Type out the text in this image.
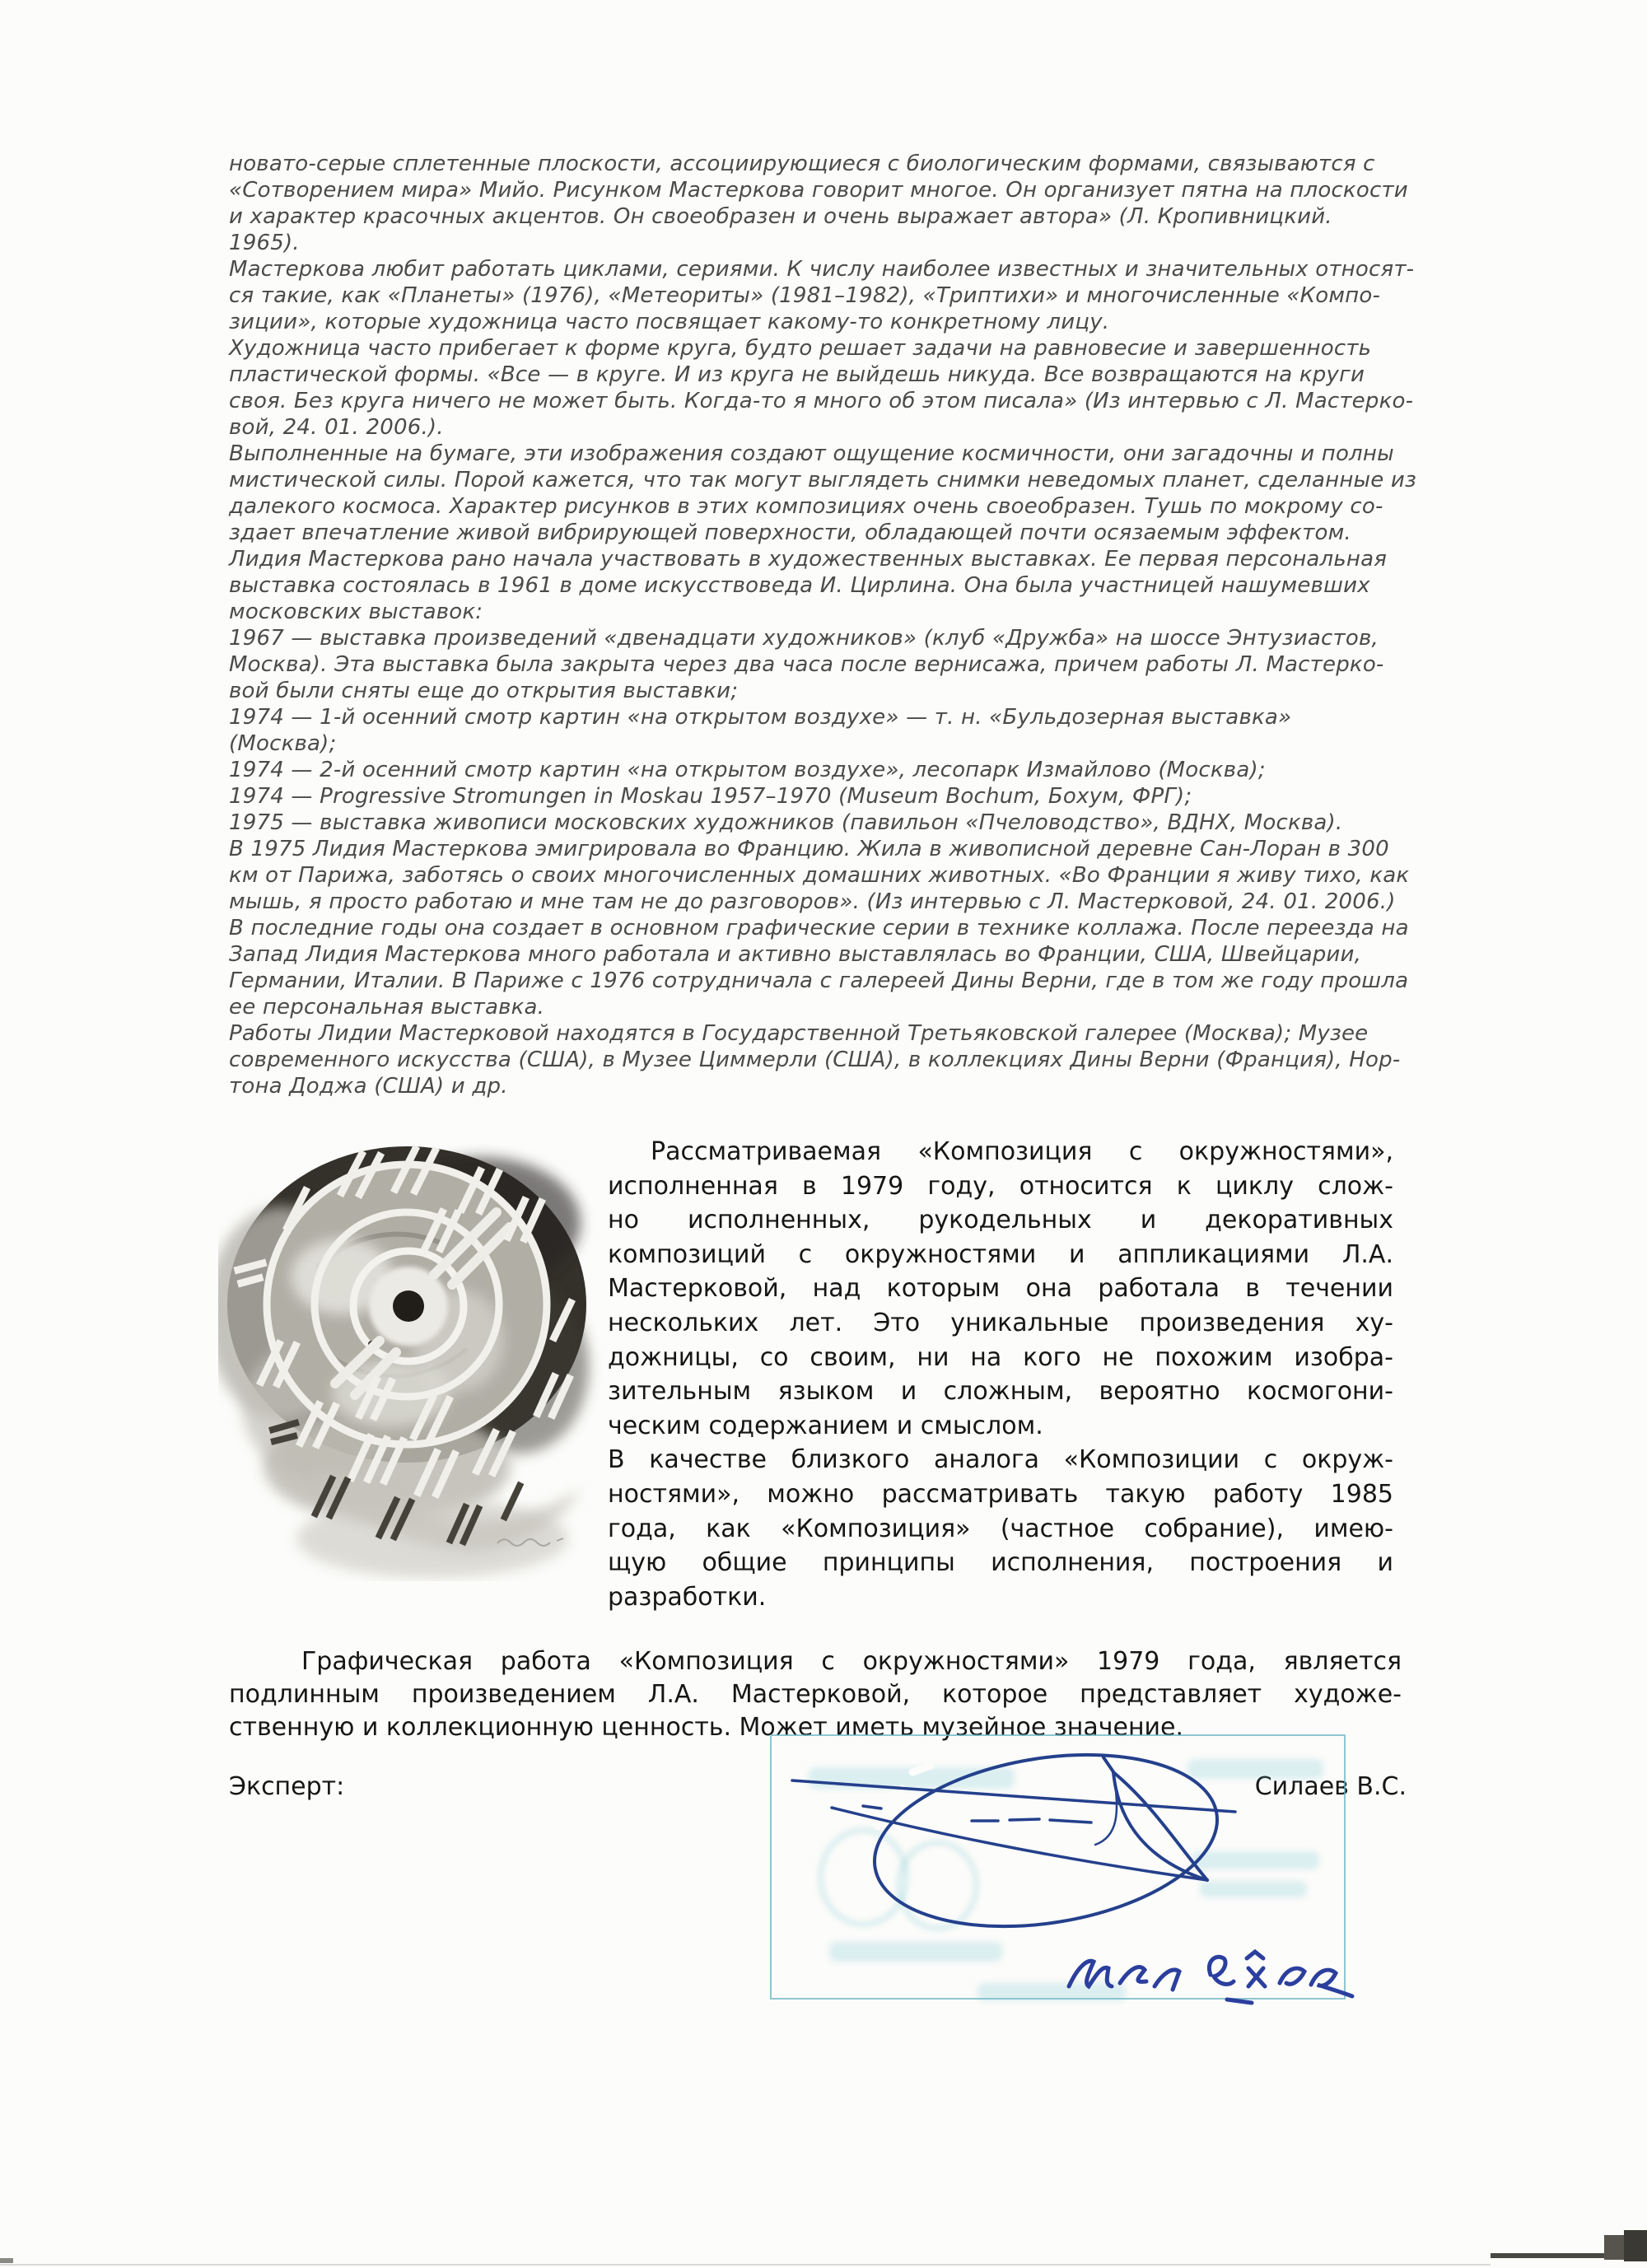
новато-серые сплетенные плоскости, ассоциирующиеся с биологическим формами, связываются с
«Сотворением мира» Мийо. Рисунком Мастеркова говорит многое. Он организует пятна на плоскости
и характер красочных акцентов. Он своеобразен и очень выражает автора» (Л. Кропивницкий.
1965).
Мастеркова любит работать циклами, сериями. К числу наиболее известных и значительных относят-
ся такие, как «Планеты» (1976), «Метеориты» (1981–1982), «Триптихи» и многочисленные «Компо-
зиции», которые художница часто посвящает какому-то конкретному лицу.
Художница часто прибегает к форме круга, будто решает задачи на равновесие и завершенность
пластической формы. «Все — в круге. И из круга не выйдешь никуда. Все возвращаются на круги
своя. Без круга ничего не может быть. Когда-то я много об этом писала» (Из интервью с Л. Мастерко-
вой, 24. 01. 2006.).
Выполненные на бумаге, эти изображения создают ощущение космичности, они загадочны и полны
мистической силы. Порой кажется, что так могут выглядеть снимки неведомых планет, сделанные из
далекого космоса. Характер рисунков в этих композициях очень своеобразен. Тушь по мокрому со-
здает впечатление живой вибрирующей поверхности, обладающей почти осязаемым эффектом.
Лидия Мастеркова рано начала участвовать в художественных выставках. Ее первая персональная
выставка состоялась в 1961 в доме искусствоведа И. Цирлина. Она была участницей нашумевших
московских выставок:
1967 — выставка произведений «двенадцати художников» (клуб «Дружба» на шоссе Энтузиастов,
Москва). Эта выставка была закрыта через два часа после вернисажа, причем работы Л. Мастерко-
вой были сняты еще до открытия выставки;
1974 — 1-й осенний смотр картин «на открытом воздухе» — т. н. «Бульдозерная выставка»
(Москва);
1974 — 2-й осенний смотр картин «на открытом воздухе», лесопарк Измайлово (Москва);
1974 — Progressive Stromungen in Moskau 1957–1970 (Museum Bochum, Бохум, ФРГ);
1975 — выставка живописи московских художников (павильон «Пчеловодство», ВДНХ, Москва).
В 1975 Лидия Мастеркова эмигрировала во Францию. Жила в живописной деревне Сан-Лоран в 300
км от Парижа, заботясь о своих многочисленных домашних животных. «Во Франции я живу тихо, как
мышь, я просто работаю и мне там не до разговоров». (Из интервью с Л. Мастерковой, 24. 01. 2006.)
В последние годы она создает в основном графические серии в технике коллажа. После переезда на
Запад Лидия Мастеркова много работала и активно выставлялась во Франции, США, Швейцарии,
Германии, Италии. В Париже с 1976 сотрудничала с галереей Дины Верни, где в том же году прошла
ее персональная выставка.
Работы Лидии Мастерковой находятся в Государственной Третьяковской галерее (Москва); Музее
современного искусства (США), в Музее Циммерли (США), в коллекциях Дины Верни (Франция), Нор-
тона Доджа (США) и др.
Рассматриваемая «Композиция с окружностями»,
исполненная в 1979 году, относится к циклу слож-
но исполненных, рукодельных и декоративных
композиций с окружностями и аппликациями Л.А.
Мастерковой, над которым она работала в течении
нескольких лет. Это уникальные произведения ху-
дожницы, со своим, ни на кого не похожим изобра-
зительным языком и сложным, вероятно космогони-
ческим содержанием и смыслом.
В качестве близкого аналога «Композиции с окруж-
ностями», можно рассматривать такую работу 1985
года, как «Композиция» (частное собрание), имею-
щую общие принципы исполнения, построения и
разработки.
Графическая работа «Композиция с окружностями» 1979 года, является
подлинным произведением Л.А. Мастерковой, которое представляет художе-
ственную и коллекционную ценность. Может иметь музейное значение.
Эксперт:	Силаев В.С.
